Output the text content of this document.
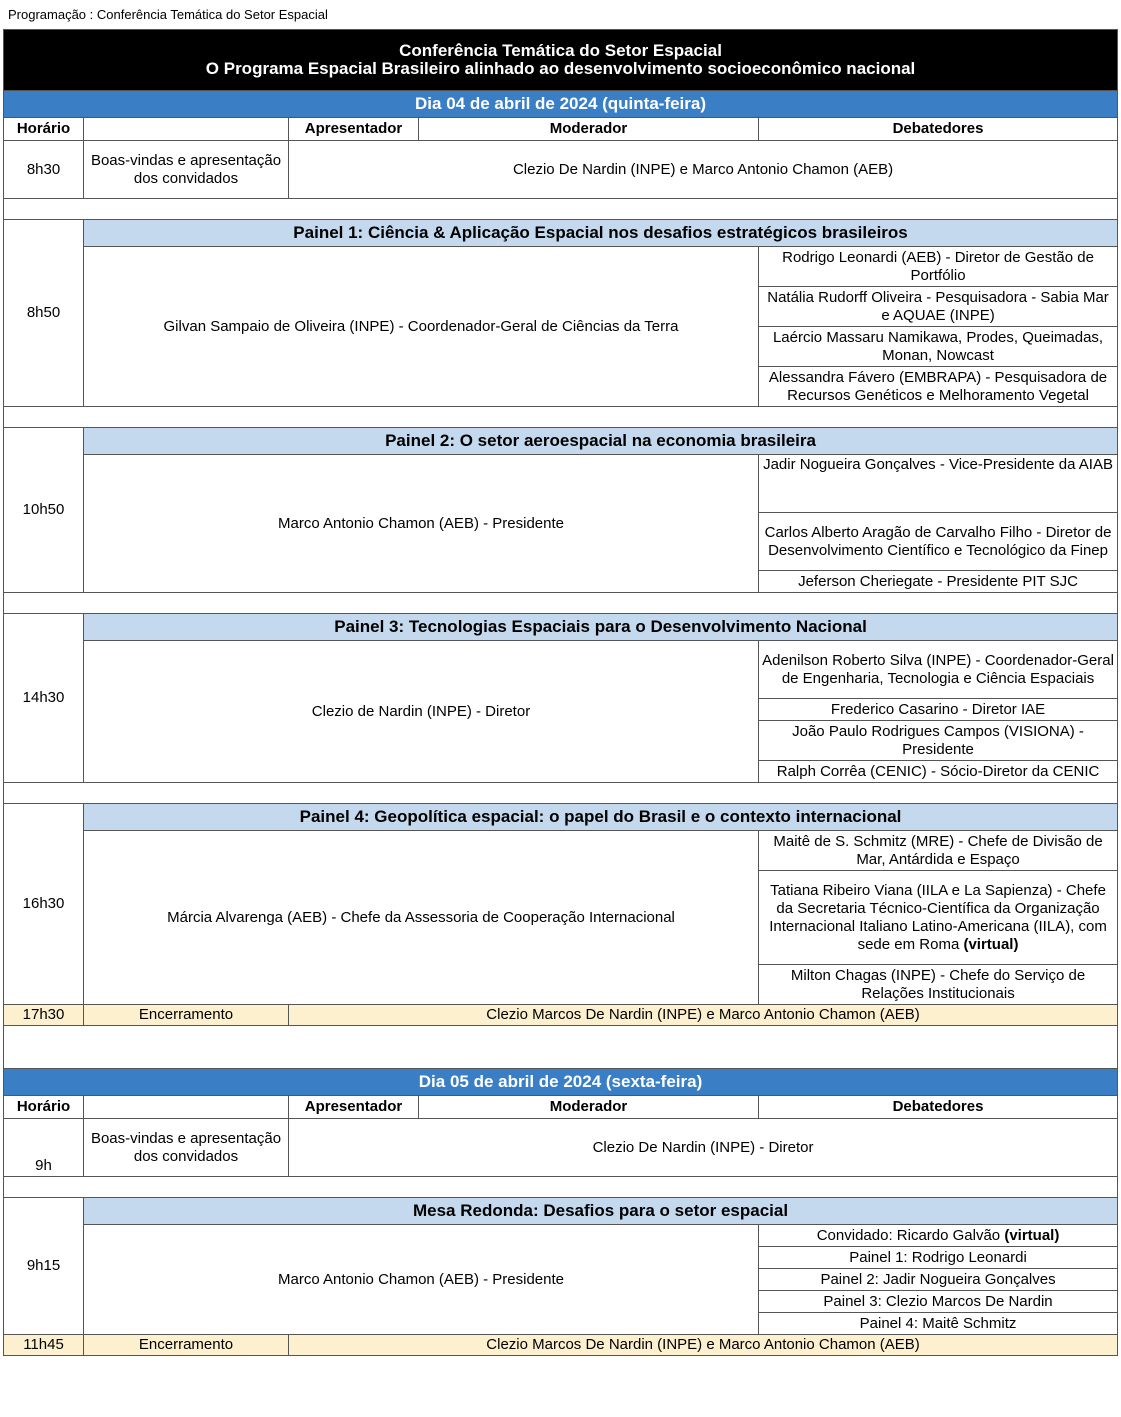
Programação : Conferência Temática do Setor Espacial
Conferência Temática do Setor Espacial
O Programa Espacial Brasileiro alinhado ao desenvolvimento socioeconômico nacional				

Dia 04 de abril de 2024 (quinta-feira)				
Horário		Apresentador	Moderador	Debatedores
8h30	Boas-vindas e apresentação dos convidados	Clezio De Nardin (INPE) e Marco Antonio Chamon (AEB)		

8h50	Painel 1: Ciência & Aplicação Espacial nos desafios estratégicos brasileiros			
	Gilvan Sampaio de Oliveira (INPE) - Coordenador-Geral de Ciências da Terra			Rodrigo Leonardi (AEB) - Diretor de Gestão de Portfólio
				Natália Rudorff Oliveira - Pesquisadora - Sabia Mar e AQUAE (INPE)
				Laércio Massaru Namikawa, Prodes, Queimadas, Monan, Nowcast
				Alessandra Fávero (EMBRAPA) - Pesquisadora de Recursos Genéticos e Melhoramento Vegetal

10h50	Painel 2: O setor aeroespacial na economia brasileira			
	Marco Antonio Chamon (AEB) - Presidente			Jadir Nogueira Gonçalves - Vice-Presidente da AIAB
				Carlos Alberto Aragão de Carvalho Filho - Diretor de Desenvolvimento Científico e Tecnológico da Finep
				Jeferson Cheriegate - Presidente PIT SJC

14h30	Painel 3: Tecnologias Espaciais para o Desenvolvimento Nacional			
	Clezio de Nardin (INPE) - Diretor			Adenilson Roberto Silva (INPE) - Coordenador-Geral de Engenharia, Tecnologia e Ciência Espaciais
				Frederico Casarino - Diretor IAE
				João Paulo Rodrigues Campos (VISIONA) - Presidente
				Ralph Corrêa (CENIC) - Sócio-Diretor da CENIC

16h30	Painel 4: Geopolítica espacial: o papel do Brasil e o contexto internacional			
	Márcia Alvarenga (AEB) - Chefe da Assessoria de Cooperação Internacional			Maitê de S. Schmitz (MRE) - Chefe de Divisão de Mar, Antárdida e Espaço
				Tatiana Ribeiro Viana (IILA e La Sapienza) - Chefe da Secretaria Técnico-Científica da Organização Internacional Italiano Latino-Americana (IILA), com sede em Roma (virtual)
				Milton Chagas (INPE) - Chefe do Serviço de Relações Institucionais
17h30	Encerramento	Clezio Marcos De Nardin (INPE) e Marco Antonio Chamon (AEB)		

Dia 05 de abril de 2024 (sexta-feira)				
Horário		Apresentador	Moderador	Debatedores
9h	Boas-vindas e apresentação dos convidados	Clezio De Nardin (INPE) - Diretor		

9h15	Mesa Redonda: Desafios para o setor espacial			
	Marco Antonio Chamon (AEB) - Presidente			Convidado: Ricardo Galvão (virtual)
				Painel 1: Rodrigo Leonardi
				Painel 2: Jadir Nogueira Gonçalves
				Painel 3: Clezio Marcos De Nardin
				Painel 4: Maitê Schmitz
11h45	Encerramento	Clezio Marcos De Nardin (INPE) e Marco Antonio Chamon (AEB)		
